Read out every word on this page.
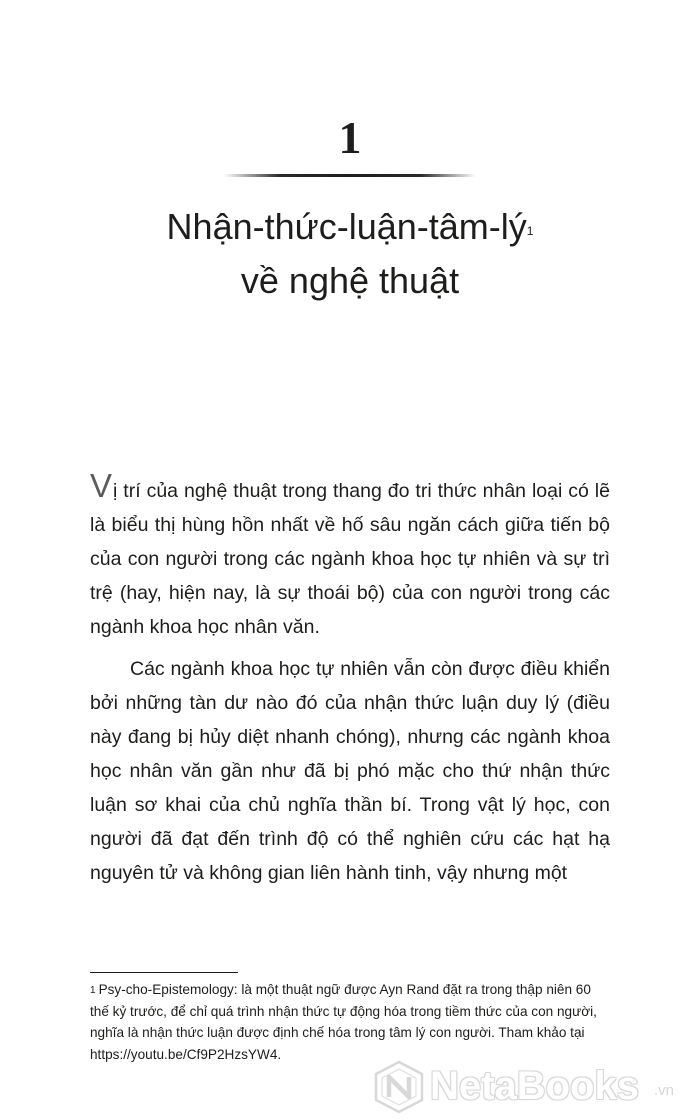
1
Nhận-$thức-luận-tâm-lý^1$
về nghệ thuật

Vị trí của nghệ thuật trong thang đo tri thức nhân loại có lẽ là biểu thị hùng hồn nhất về hố sâu ngăn cách giữa tiến bộ của con người trong các ngành khoa học tự nhiên và sự trì trệ (hay, hiện nay, là sự thoái bộ) của con người trong các ngành khoa học nhân văn.

Các ngành khoa học tự nhiên vẫn còn được điều khiển bởi những tàn dư nào đó của nhận thức luận duy lý (điều này đang bị hủy diệt nhanh chóng), nhưng các ngành khoa học nhân văn gần như đã bị phó mặc cho thứ nhận thức luận sơ khai của chủ nghĩa thần bí. Trong vật lý học, con người đã đạt đến trình độ có thể nghiên cứu các hạt hạ nguyên tử và không gian liên hành tinh, vậy nhưng một

$^1$ Psy-cho-Epistemology: là một thuật ngữ được Ayn Rand đặt ra trong thập niên 60 thế kỷ trước, để chỉ quá trình nhận thức tự động hóa trong tiềm thức của con người, nghĩa là nhận thức luận được định chế hóa trong tâm lý con người. Tham khảo tại https://youtu.be/Cf9P2HzsYW4.

NetaBooks .vn
